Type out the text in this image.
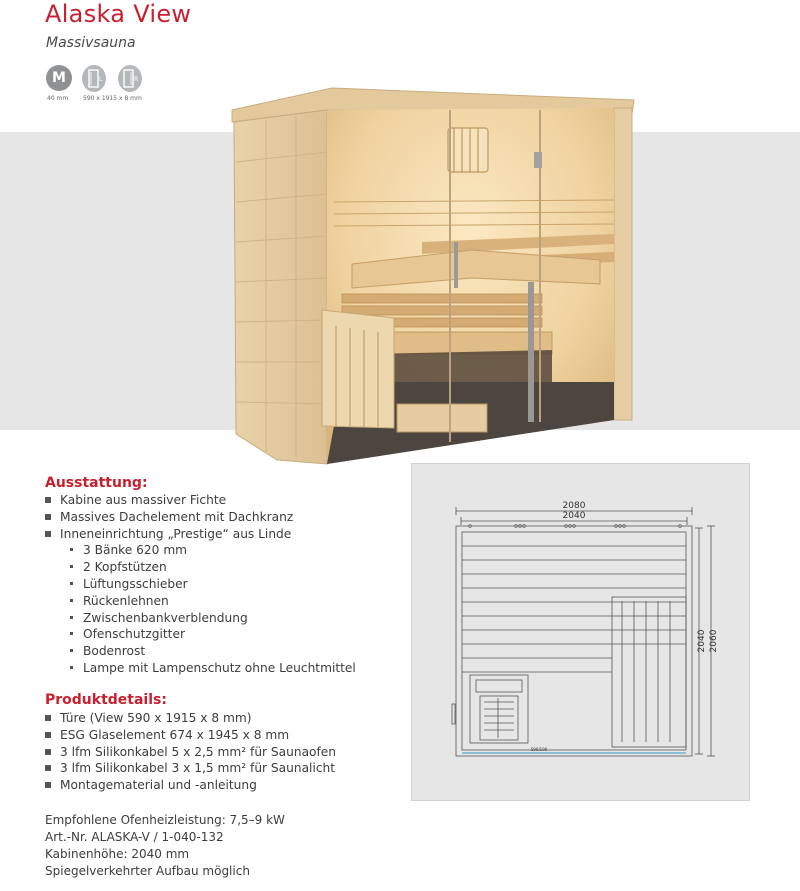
Alaska View
Massivsauna
M	L	R
40 mm 590 x 1915 x 8 mm
Ausstattung:
Kabine aus massiver Fichte
Massives Dachelement mit Dachkranz
Inneneinrichtung „Prestige“ aus Linde
3 Bänke 620 mm
2 Kopfstützen
Lüftungsschieber
Rückenlehnen
Zwischenbankverblendung
Ofenschutzgitter
Bodenrost
Lampe mit Lampenschutz ohne Leuchtmittel
Produktdetails:
Türe (View 590 x 1915 x 8 mm)
ESG Glaselement 674 x 1945 x 8 mm
3 lfm Silikonkabel 5 x 2,5 mm² für Saunaofen
3 lfm Silikonkabel 3 x 1,5 mm² für Saunalicht
Montagematerial und -anleitung
Empfohlene Ofenheizleistung: 7,5–9 kW
Art.-Nr. ALASKA-V / 1-040-132
Kabinenhöhe: 2040 mm
Spiegelverkehrter Aufbau möglich
2080
2040
2040 2060
590/190
